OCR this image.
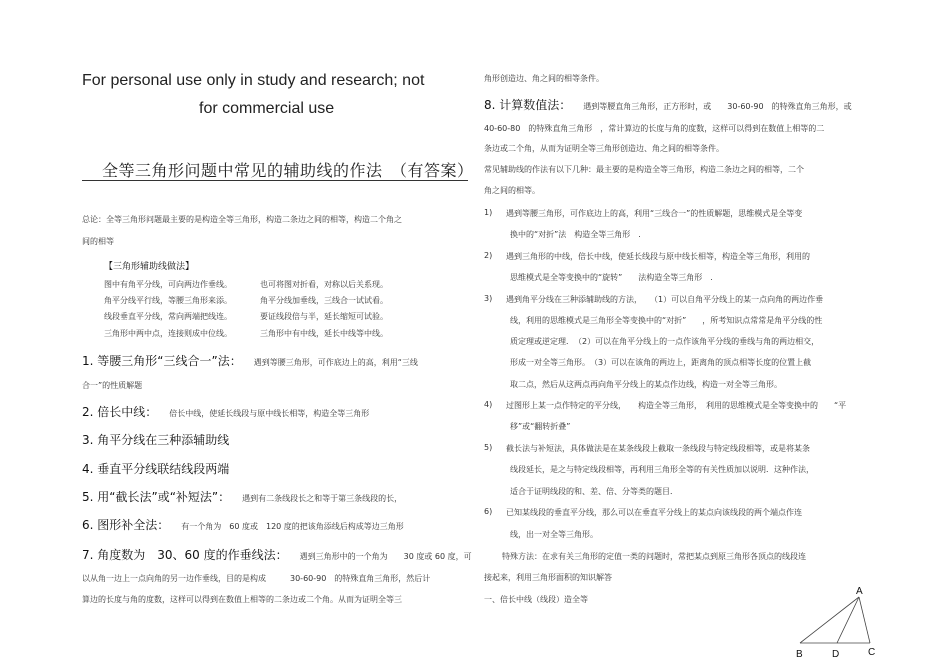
For personal use only in study and research; not
for commercial use
全等三角形问题中常见的辅助线的作法　（有答案）
总论：全等三角形问题最主要的是构造全等三角形，构造二条边之间的相等，构造二个角之
间的相等
【三角形辅助线做法】
图中有角平分线，可向两边作垂线。	也可将图对折看，对称以后关系现。
角平分线平行线，等腰三角形来添。	角平分线加垂线，三线合一试试看。
线段垂直平分线，常向两端把线连。	要证线段倍与半，延长缩短可试验。
三角形中两中点，连接则成中位线。	三角形中有中线，延长中线等中线。
1. 等腰三角形“三线合一”法： 遇到等腰三角形，可作底边上的高，利用“三线
合一”的性质解题
2. 倍长中线： 倍长中线，使延长线段与原中线长相等，构造全等三角形
3. 角平分线在三种添辅助线
4. 垂直平分线联结线段两端
5. 用“截长法”或“补短法”： 遇到有二条线段长之和等于第三条线段的长，
6. 图形补全法： 有一个角为　60 度或　120 度的把该角添线后构成等边三角形
7. 角度数为　30、60 度的作垂线法： 遇到三角形中的一个角为　　30 度或 60 度，可
以从角一边上一点向角的另一边作垂线，目的是构成　　　30-60-90　的特殊直角三角形，然后计
算边的长度与角的度数，这样可以得到在数值上相等的二条边或二个角。从而为证明全等三
角形创造边、角之间的相等条件。
8. 计算数值法： 遇到等腰直角三角形，正方形时，或　　30-60-90　的特殊直角三角形，或
40-60-80　的特殊直角三角形　，常计算边的长度与角的度数，这样可以得到在数值上相等的二
条边或二个角，从而为证明全等三角形创造边、角之间的相等条件。
常见辅助线的作法有以下几种：最主要的是构造全等三角形，构造二条边之间的相等，二个
角之间的相等。
1) 遇到等腰三角形，可作底边上的高，利用“三线合一”的性质解题，思维模式是全等变
换中的“对折”法　构造全等三角形　.
2) 遇到三角形的中线，倍长中线，使延长线段与原中线长相等，构造全等三角形，利用的
思维模式是全等变换中的“旋转”　　法构造全等三角形　.
3) 遇到角平分线在三种添辅助线的方法，　　（1）可以自角平分线上的某一点向角的两边作垂
线，利用的思维模式是三角形全等变换中的“对折”　　，所考知识点常常是角平分线的性
质定理或逆定理．　（2）可以在角平分线上的一点作该角平分线的垂线与角的两边相交，
形成一对全等三角形。　（3）可以在该角的两边上，距离角的顶点相等长度的位置上截
取二点，然后从这两点再向角平分线上的某点作边线，构造一对全等三角形。
4) 过图形上某一点作特定的平分线，　　构造全等三角形，　利用的思维模式是全等变换中的　　“平
移”或“翻转折叠”
5) 截长法与补短法，具体做法是在某条线段上截取一条线段与特定线段相等，或是将某条
线段延长，是之与特定线段相等，再利用三角形全等的有关性质加以说明．这种作法，
适合于证明线段的和、差、倍、分等类的题目．
6) 已知某线段的垂直平分线，那么可以在垂直平分线上的某点向该线段的两个端点作连
线，出一对全等三角形。
特殊方法：在求有关三角形的定值一类的问题时，常把某点到原三角形各顶点的线段连
接起来，利用三角形面积的知识解答
一、倍长中线（线段）造全等
A
B	D	C
